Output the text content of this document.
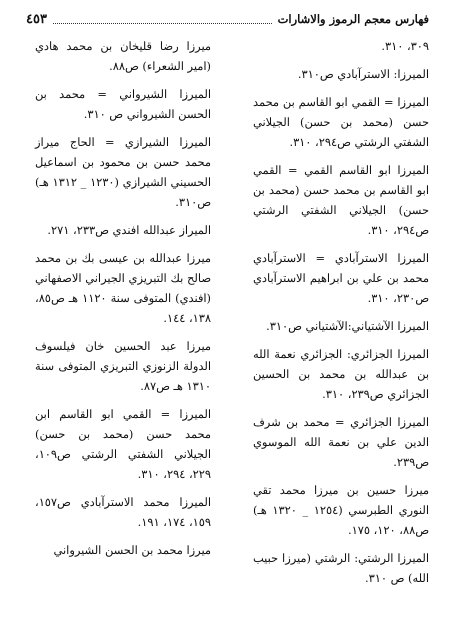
فهارس معجم الرموز والاشارات
٤٥٣
٣٠٩، ٣١٠.
الميرزا: الاسترآبادي ص٣١٠.
الميرزا = القمي ابو القاسم بن محمد حسن (محمد بن حسن) الجيلاني الشفتي الرشتي ص٢٩٤، ٣١٠.
الميرزا ابو القاسم القمي = القمي ابو القاسم بن محمد حسن (محمد بن حسن) الجيلاني الشفتي الرشتي ص٢٩٤، ٣١٠.
الميرزا الاسترآبادي = الاسترآبادي محمد بن علي بن ابراهيم الاسترآبادي ص٢٣٠، ٣١٠.
الميرزا الآشتياني:الآشتياني ص٣١٠.
الميرزا الجزائري: الجزائري نعمة الله بن عبدالله بن محمد بن الحسين الجزائري ص٢٣٩، ٣١٠.
الميرزا الجزائري = محمد بن شرف الدين علي بن نعمة الله الموسوي ص٢٣٩.
ميرزا حسين بن ميرزا محمد تقي النوري الطبرسي (١٢٥٤ _ ١٣٢٠ هـ) ص٨٨، ١٢٠، ١٧٥.
الميرزا الرشتي: الرشتي (ميرزا حبيب الله) ص ٣١٠.
ميرزا رضا قليخان بن محمد هادي (امير الشعراء) ص٨٨.
الميرزا الشيرواني = محمد بن الحسن الشيرواني ص ٣١٠.
الميرزا الشيرازي = الحاج ميراز محمد حسن بن محمود بن اسماعيل الحسيني الشيرازي (١٢٣٠ _ ١٣١٢ هـ) ص٣١٠.
الميراز عبدالله افندي ص٢٣٣، ٢٧١.
ميرزا عبدالله بن عيسى بك بن محمد صالح بك التبريزي الجيراني الاصفهاني (افندي) المتوفى سنة ١١٢٠ هـ ص٨٥، ١٣٨، ١٤٤.
ميرزا عبد الحسين خان فيلسوف الدولة الزنوزي التبريزي المتوفى سنة ١٣١٠ هـ ص٨٧.
الميرزا = القمي ابو القاسم ابن محمد حسن (محمد بن حسن) الجيلاني الشفتي الرشتي ص١٠٩، ٢٢٩، ٢٩٤، ٣١٠.
الميرزا محمد الاسترآبادي ص١٥٧، ١٥٩، ١٧٤، ١٩١.
ميرزا محمد بن الحسن الشيرواني
